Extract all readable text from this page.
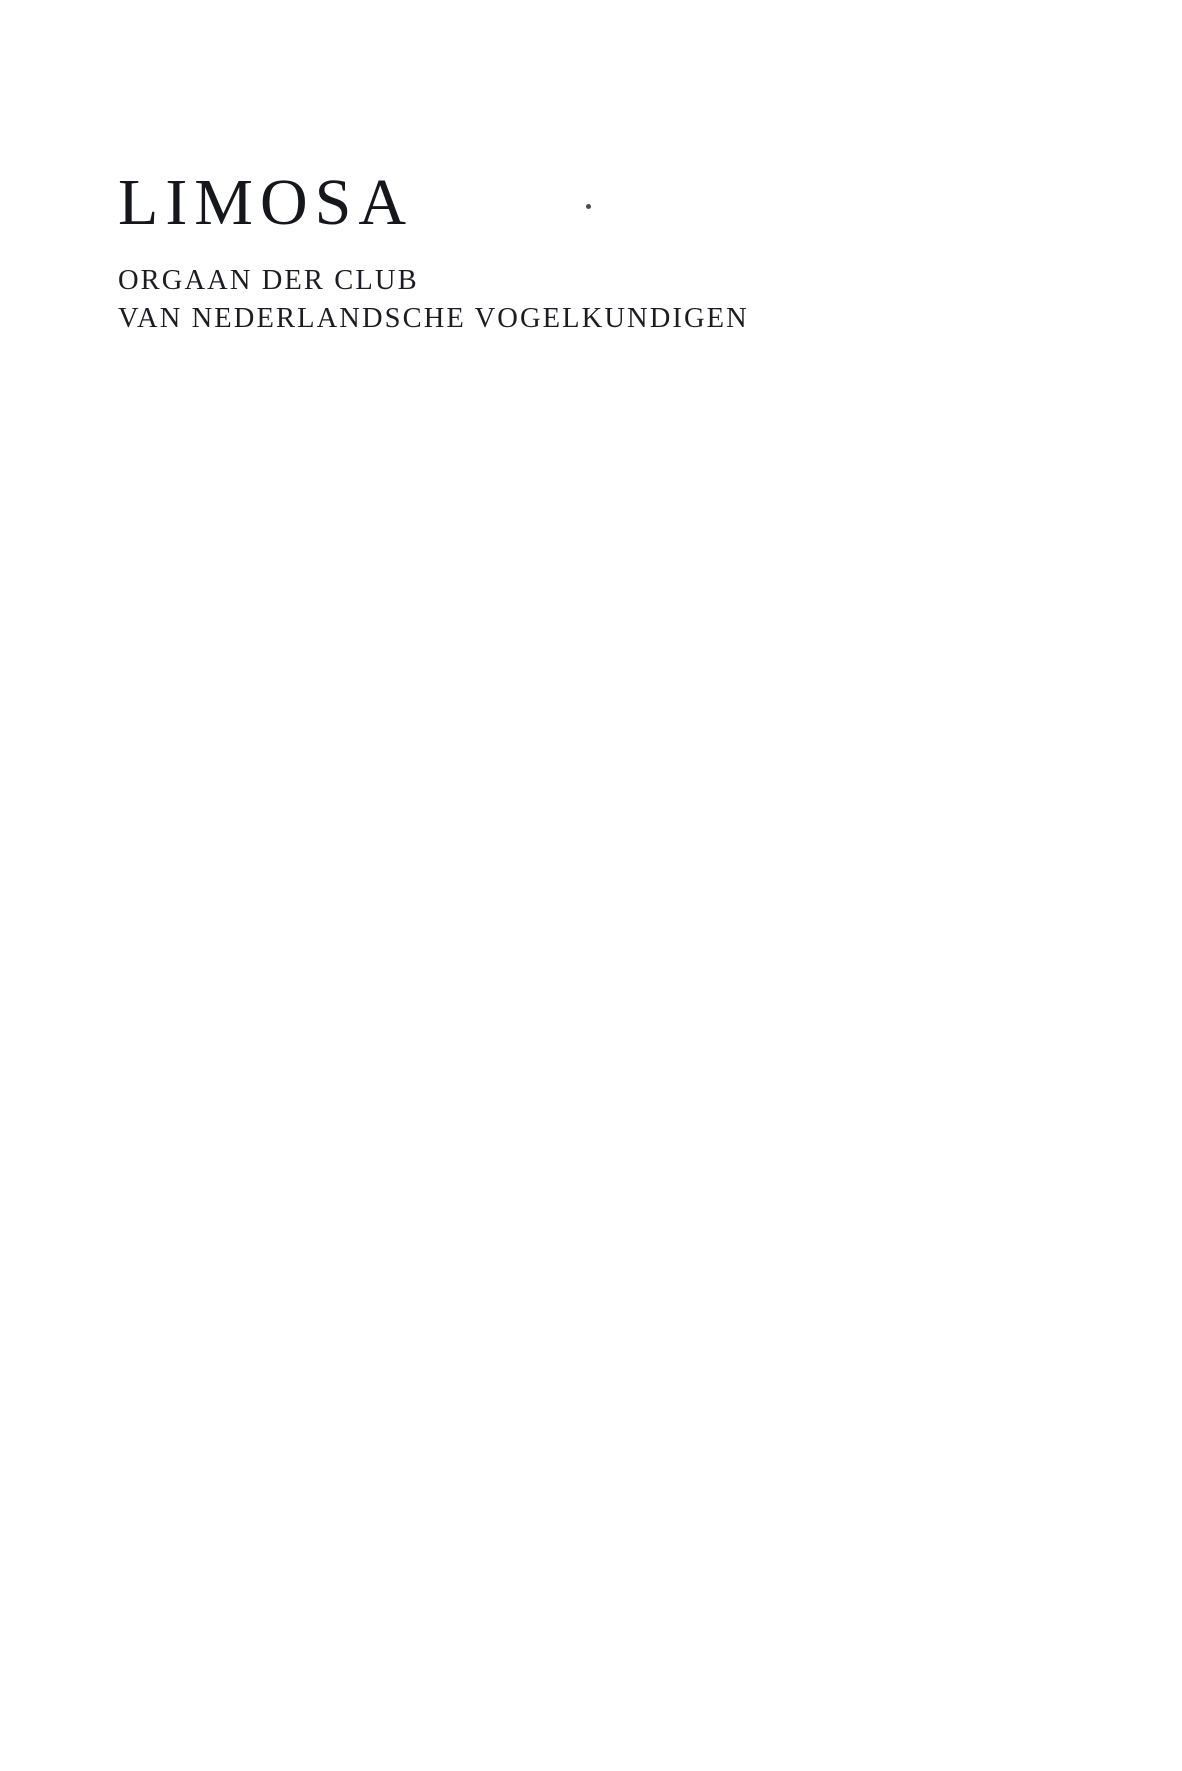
LIMOSA

ORGAAN DER CLUB

VAN NEDERLANDSCHE VOGELKUNDIGEN
